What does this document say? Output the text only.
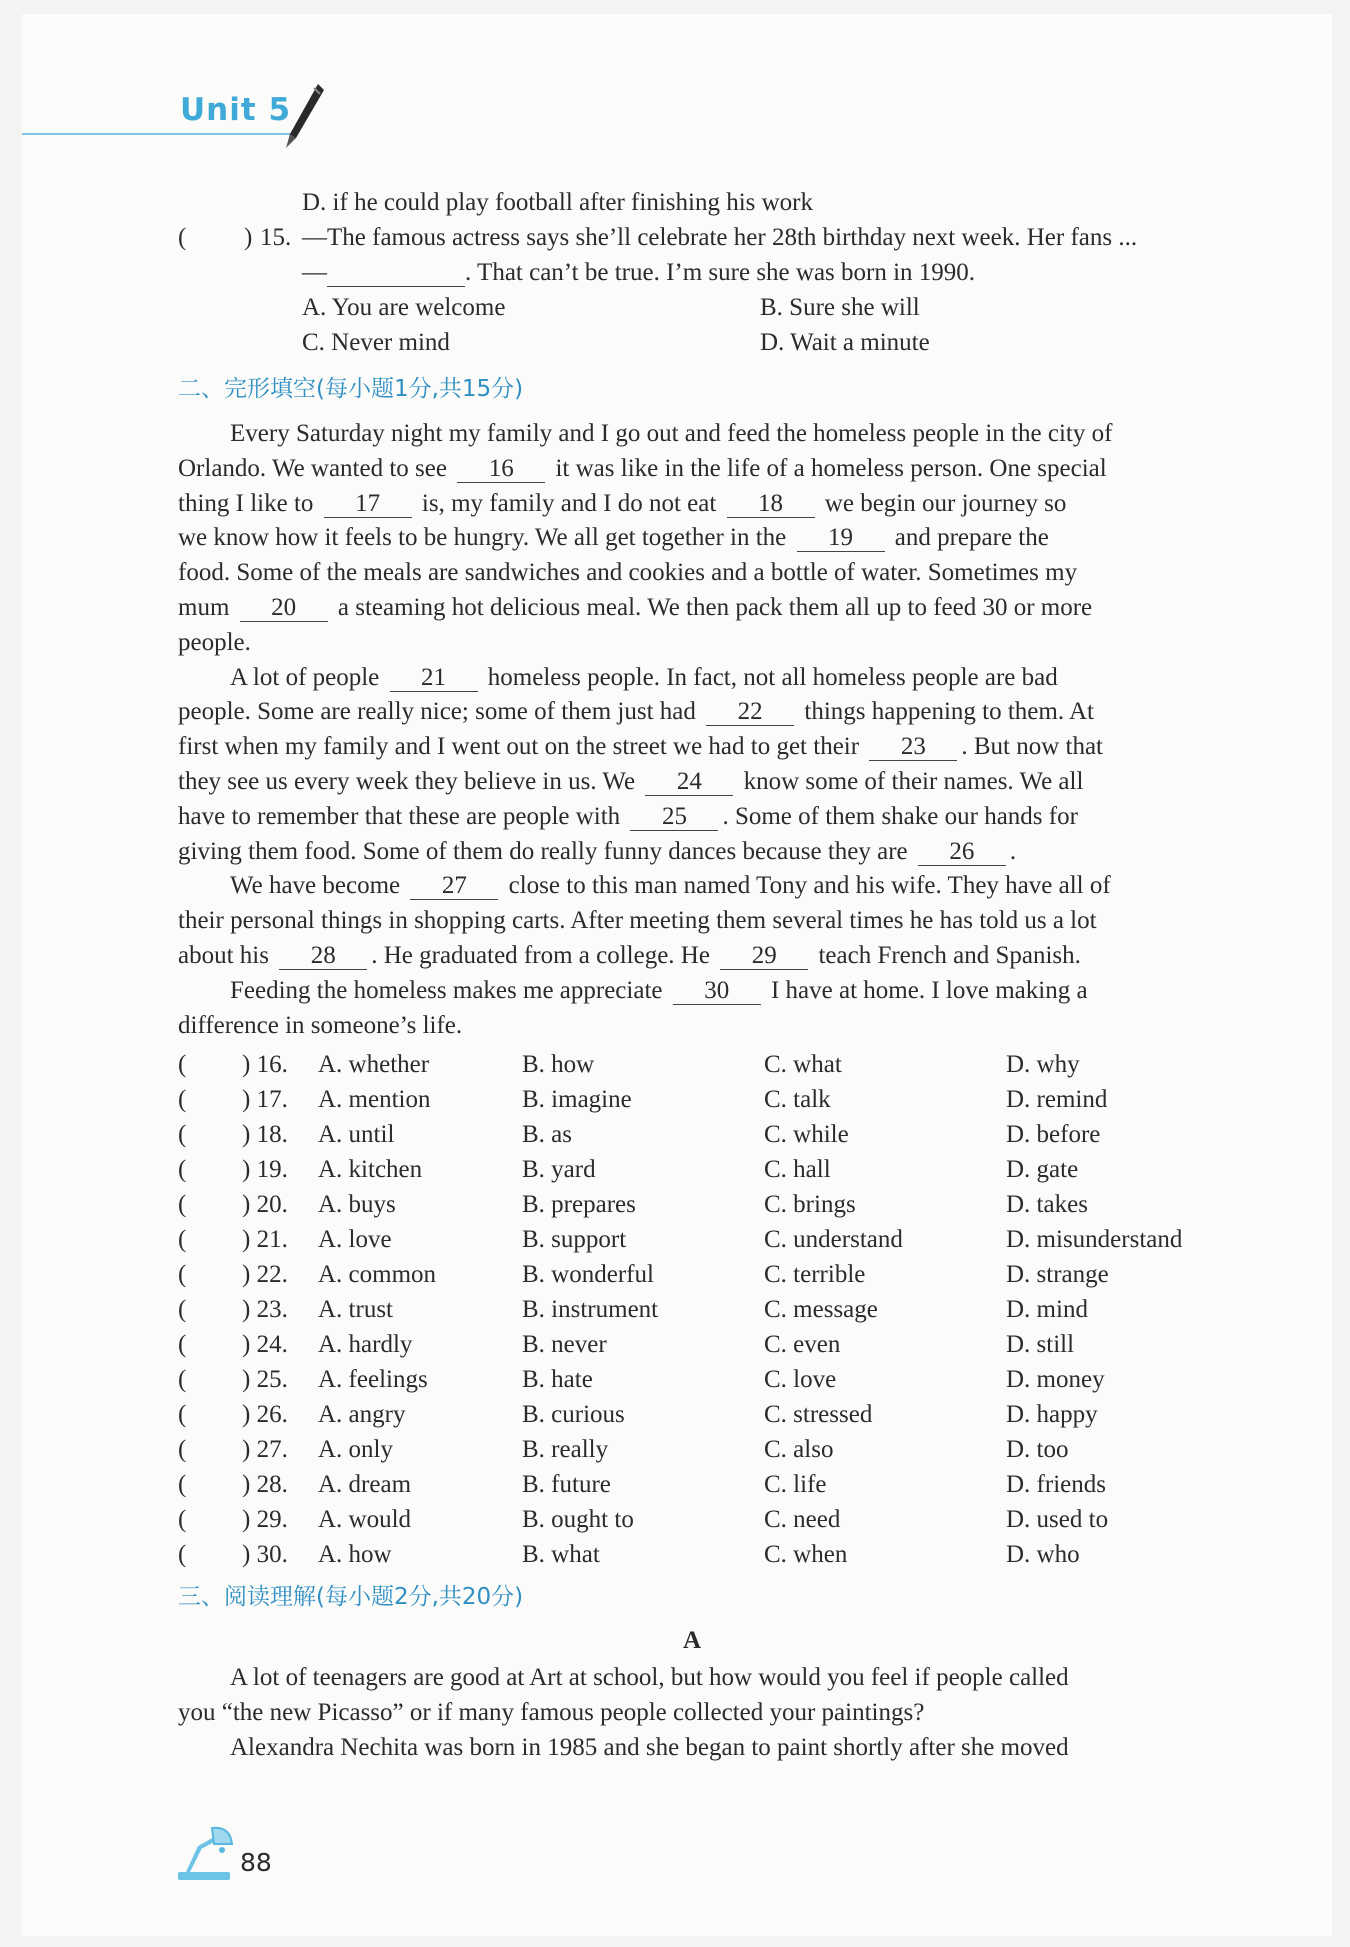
Unit 5
D. if he could play football after finishing his work
( ) 15. —The famous actress says she’ll celebrate her 28th birthday next week. Her fans ...
—	. That can’t be true. I’m sure she was born in 1990.
A. You are welcome	B. Sure she will
C. Never mind	D. Wait a minute
二、完形填空(每小题1分,共15分)
Every Saturday night my family and I go out and feed the homeless people in the city of
Orlando. We wanted to see 16 it was like in the life of a homeless person. One special
thing I like to 17 is, my family and I do not eat 18 we begin our journey so
we know how it feels to be hungry. We all get together in the 19 and prepare the
food. Some of the meals are sandwiches and cookies and a bottle of water. Sometimes my
mum 20 a steaming hot delicious meal. We then pack them all up to feed 30 or more
people.
A lot of people 21 homeless people. In fact, not all homeless people are bad
people. Some are really nice; some of them just had 22 things happening to them. At
first when my family and I went out on the street we had to get their 23 . But now that
they see us every week they believe in us. We 24 know some of their names. We all
have to remember that these are people with 25 . Some of them shake our hands for
giving them food. Some of them do really funny dances because they are 26 .
We have become 27 close to this man named Tony and his wife. They have all of
their personal things in shopping carts. After meeting them several times he has told us a lot
about his 28 . He graduated from a college. He 29 teach French and Spanish.
Feeding the homeless makes me appreciate 30 I have at home. I love making a
difference in someone’s life.
( ) 16. A. whether	B. how	C. what	D. why
( ) 17. A. mention	B. imagine	C. talk	D. remind
( ) 18. A. until	B. as	C. while	D. before
( ) 19. A. kitchen	B. yard	C. hall	D. gate
( ) 20. A. buys	B. prepares	C. brings	D. takes
( ) 21. A. love	B. support	C. understand	D. misunderstand
( ) 22. A. common	B. wonderful	C. terrible	D. strange
( ) 23. A. trust	B. instrument	C. message	D. mind
( ) 24. A. hardly	B. never	C. even	D. still
( ) 25. A. feelings	B. hate	C. love	D. money
( ) 26. A. angry	B. curious	C. stressed	D. happy
( ) 27. A. only	B. really	C. also	D. too
( ) 28. A. dream	B. future	C. life	D. friends
( ) 29. A. would	B. ought to	C. need	D. used to
( ) 30. A. how	B. what	C. when	D. who
三、阅读理解(每小题2分,共20分)
A
A lot of teenagers are good at Art at school, but how would you feel if people called
you “the new Picasso” or if many famous people collected your paintings?
Alexandra Nechita was born in 1985 and she began to paint shortly after she moved
88
